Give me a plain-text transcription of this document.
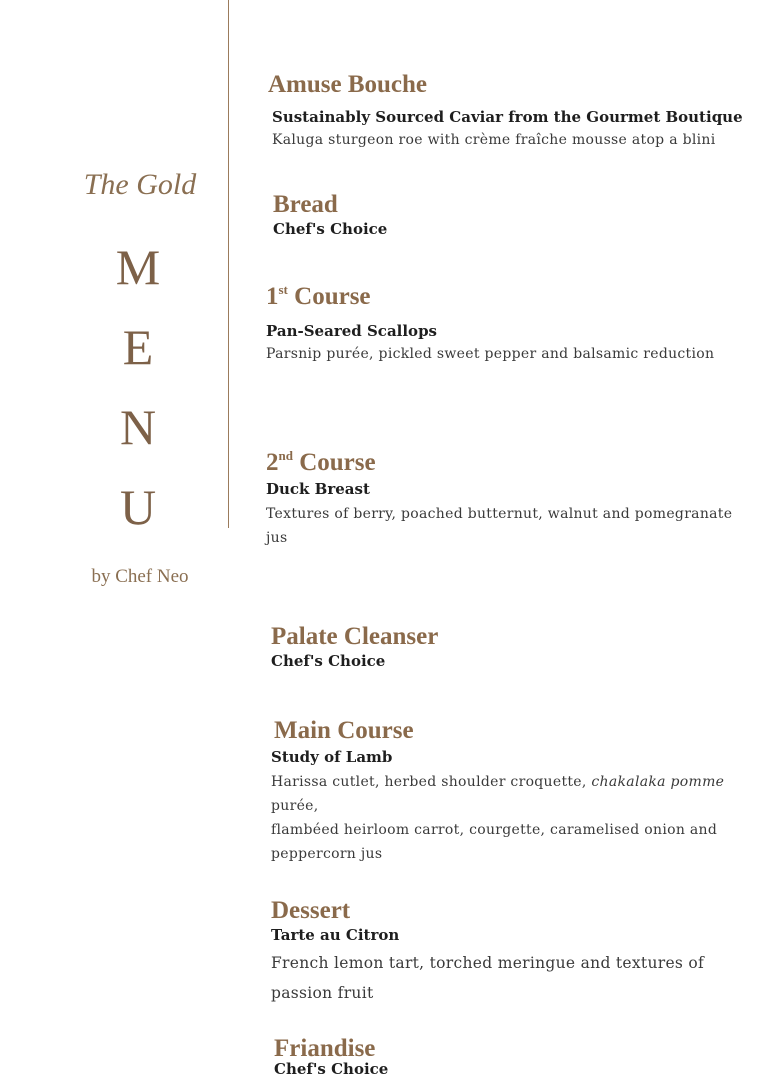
The Gold
M
E
N
U
by Chef Neo

Amuse Bouche

Sustainably Sourced Caviar from the Gourmet Boutique

Kaluga sturgeon roe with crème fraîche mousse atop a blini

Bread

Chef's Choice

1st Course

Pan-Seared Scallops

Parsnip purée, pickled sweet pepper and balsamic reduction

2nd Course

Duck Breast

Textures of berry, poached butternut, walnut and pomegranate

jus

Palate Cleanser

Chef's Choice

Main Course

Study of Lamb

Harissa cutlet, herbed shoulder croquette, chakalaka pomme purée,

flambéed heirloom carrot, courgette, caramelised onion and

peppercorn jus

Dessert

Tarte au Citron

French lemon tart, torched meringue and textures of

passion fruit

Friandise

Chef's Choice
